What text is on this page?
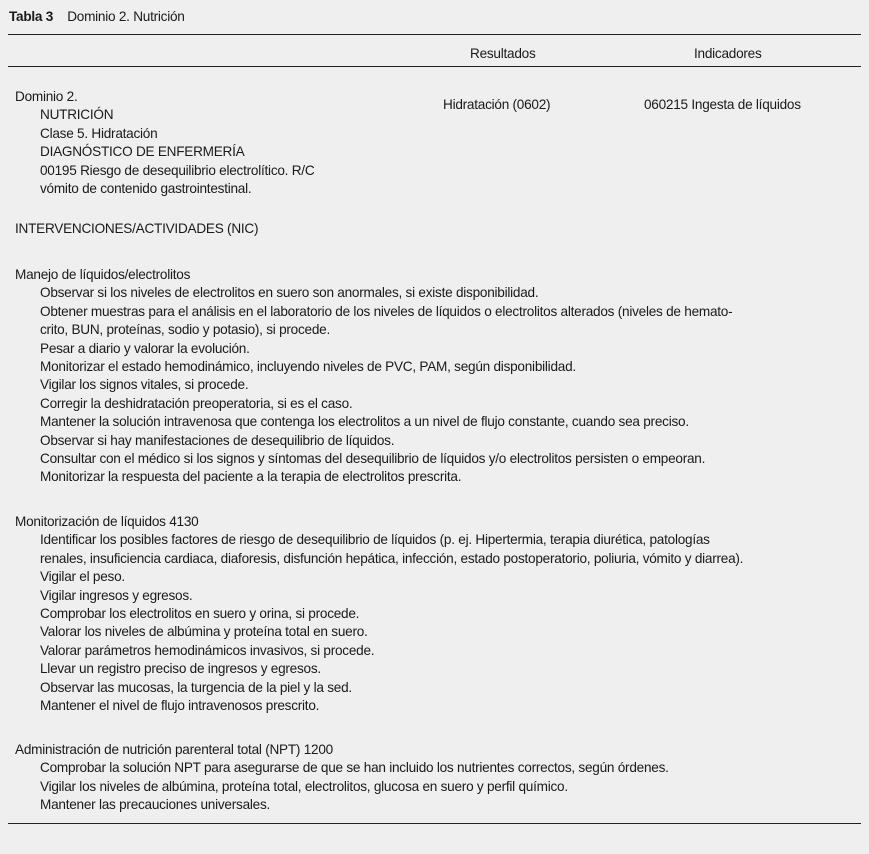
Tabla 3 Dominio 2. Nutrición
Resultados	Indicadores
Dominio 2.
NUTRICIÓN
Clase 5. Hidratación
DIAGNÓSTICO DE ENFERMERÍA
00195 Riesgo de desequilibrio electrolítico. R/C
vómito de contenido gastrointestinal.
Hidratación (0602)	060215 Ingesta de líquidos
INTERVENCIONES/ACTIVIDADES (NIC)
Manejo de líquidos/electrolitos
Observar si los niveles de electrolitos en suero son anormales, si existe disponibilidad.
Obtener muestras para el análisis en el laboratorio de los niveles de líquidos o electrolitos alterados (niveles de hemato-
crito, BUN, proteínas, sodio y potasio), si procede.
Pesar a diario y valorar la evolución.
Monitorizar el estado hemodinámico, incluyendo niveles de PVC, PAM, según disponibilidad.
Vigilar los signos vitales, si procede.
Corregir la deshidratación preoperatoria, si es el caso.
Mantener la solución intravenosa que contenga los electrolitos a un nivel de flujo constante, cuando sea preciso.
Observar si hay manifestaciones de desequilibrio de líquidos.
Consultar con el médico si los signos y síntomas del desequilibrio de líquidos y/o electrolitos persisten o empeoran.
Monitorizar la respuesta del paciente a la terapia de electrolitos prescrita.
Monitorización de líquidos 4130
Identificar los posibles factores de riesgo de desequilibrio de líquidos (p. ej. Hipertermia, terapia diurética, patologías
renales, insuficiencia cardiaca, diaforesis, disfunción hepática, infección, estado postoperatorio, poliuria, vómito y diarrea).
Vigilar el peso.
Vigilar ingresos y egresos.
Comprobar los electrolitos en suero y orina, si procede.
Valorar los niveles de albúmina y proteína total en suero.
Valorar parámetros hemodinámicos invasivos, si procede.
Llevar un registro preciso de ingresos y egresos.
Observar las mucosas, la turgencia de la piel y la sed.
Mantener el nivel de flujo intravenosos prescrito.
Administración de nutrición parenteral total (NPT) 1200
Comprobar la solución NPT para asegurarse de que se han incluido los nutrientes correctos, según órdenes.
Vigilar los niveles de albúmina, proteína total, electrolitos, glucosa en suero y perfil químico.
Mantener las precauciones universales.
